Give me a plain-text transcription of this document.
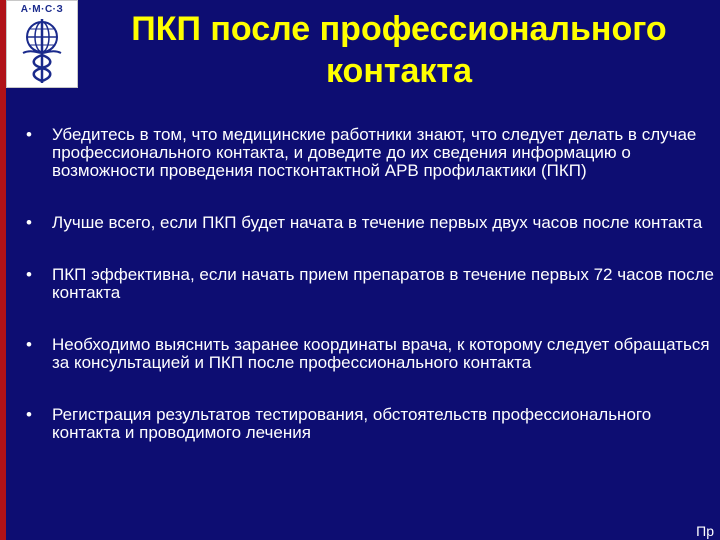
А·М·С·З
ПКП после профессионального контакта
• Убедитесь в том, что медицинские работники знают, что следует делать в случае профессионального контакта, и доведите до их сведения информацию о возможности проведения постконтактной АРВ профилактики (ПКП)
• Лучше всего, если ПКП будет начата в течение первых двух часов после контакта
• ПКП эффективна, если начать прием препаратов в течение первых 72 часов после контакта
• Необходимо выяснить заранее координаты врача, к которому следует обращаться за консультацией и ПКП после профессионального контакта
• Регистрация результатов тестирования, обстоятельств профессионального контакта и проводимого лечения
Пр
